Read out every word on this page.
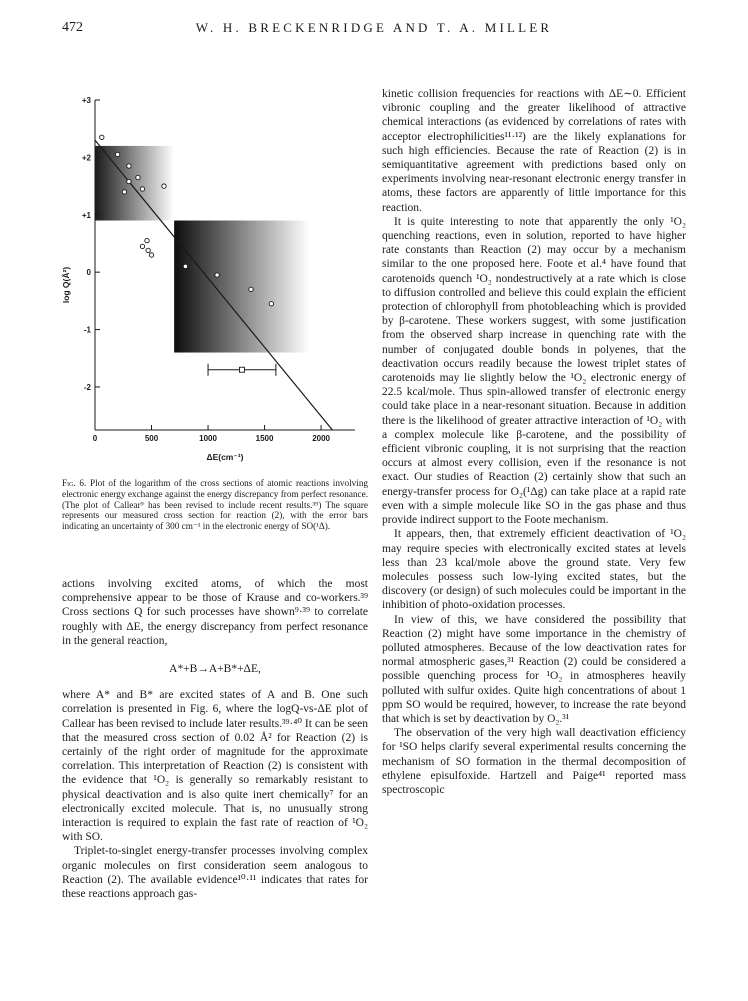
472	W. H. BRECKENRIDGE AND T. A. MILLER
+3
+2
+1
0
-1
-2
0	500	1000	1500	2000
ΔE(cm⁻¹)
log Q(Å²)
Fig. 6. Plot of the logarithm of the cross sections of atomic reactions involving electronic energy exchange against the energy discrepancy from perfect resonance. (The plot of Callear⁹ has been revised to include recent results.³⁹) The square represents our measured cross section for reaction (2), with the error bars indicating an uncertainty of 300 cm⁻¹ in the electronic energy of SO(¹Δ).

actions involving excited atoms, of which the most comprehensive appear to be those of Krause and co-workers.³⁹ Cross sections Q for such processes have shown⁹·³⁹ to correlate roughly with ΔE, the energy discrepancy from perfect resonance in the general reaction,

A*+B→A+B*+ΔE,

where A* and B* are excited states of A and B. One such correlation is presented in Fig. 6, where the logQ-vs-ΔE plot of Callear has been revised to include later results.³⁹·⁴⁰ It can be seen that the measured cross section of 0.02 Å² for Reaction (2) is certainly of the right order of magnitude for the approximate correlation. This interpretation of Reaction (2) is consistent with the evidence that ¹O₂ is generally so remarkably resistant to physical deactivation and is also quite inert chemically⁷ for an electronically excited molecule. That is, no unusually strong interaction is required to explain the fast rate of reaction of ¹O₂ with SO.

Triplet-to-singlet energy-transfer processes involving complex organic molecules on first consideration seem analogous to Reaction (2). The available evidence¹⁰·¹¹ indicates that rates for these reactions approach gas-

kinetic collision frequencies for reactions with ΔE∼0. Efficient vibronic coupling and the greater likelihood of attractive chemical interactions (as evidenced by correlations of rates with acceptor electrophilicities¹¹·¹²) are the likely explanations for such high efficiencies. Because the rate of Reaction (2) is in semiquantitative agreement with predictions based only on experiments involving near-resonant electronic energy transfer in atoms, these factors are apparently of little importance for this reaction.

It is quite interesting to note that apparently the only ¹O₂ quenching reactions, even in solution, reported to have higher rate constants than Reaction (2) may occur by a mechanism similar to the one proposed here. Foote et al.⁴ have found that carotenoids quench ¹O₂ nondestructively at a rate which is close to diffusion controlled and believe this could explain the efficient protection of chlorophyll from photobleaching which is provided by β-carotene. These workers suggest, with some justification from the observed sharp increase in quenching rate with the number of conjugated double bonds in polyenes, that the deactivation occurs readily because the lowest triplet states of carotenoids may lie slightly below the ¹O₂ electronic energy of 22.5 kcal/mole. Thus spin-allowed transfer of electronic energy could take place in a near-resonant situation. Because in addition there is the likelihood of greater attractive interaction of ¹O₂ with a complex molecule like β-carotene, and the possibility of efficient vibronic coupling, it is not surprising that the reaction occurs at almost every collision, even if the resonance is not exact. Our studies of Reaction (2) certainly show that such an energy-transfer process for O₂(¹Δg) can take place at a rapid rate even with a simple molecule like SO in the gas phase and thus provide indirect support to the Foote mechanism.

It appears, then, that extremely efficient deactivation of ¹O₂ may require species with electronically excited states at levels less than 23 kcal/mole above the ground state. Very few molecules possess such low-lying excited states, but the discovery (or design) of such molecules could be important in the inhibition of photo-oxidation processes.

In view of this, we have considered the possibility that Reaction (2) might have some importance in the chemistry of polluted atmospheres. Because of the low deactivation rates for normal atmospheric gases,³¹ Reaction (2) could be considered a possible quenching process for ¹O₂ in atmospheres heavily polluted with sulfur oxides. Quite high concentrations of about 1 ppm SO would be required, however, to increase the rate beyond that which is set by deactivation by O₂.³¹

The observation of the very high wall deactivation efficiency for ¹SO helps clarify several experimental results concerning the mechanism of SO formation in the thermal decomposition of ethylene episulfoxide. Hartzell and Paige⁴¹ reported mass spectroscopic
